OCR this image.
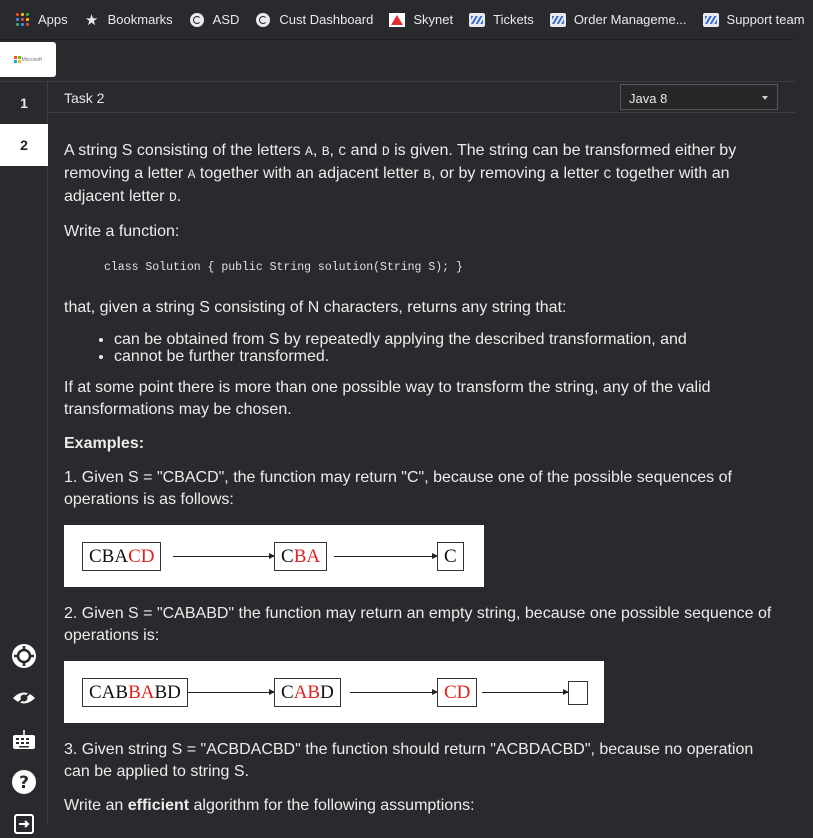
Apps ★ Bookmarks	ASD	Cust Dashboard	Skynet	Tickets	Order Manageme...	Support team
Microsoft
1
2
?
Task 2	Java 8

A string S consisting of the letters A, B, C and D is given. The string can be transformed either by removing a letter A together with an adjacent letter B, or by removing a letter C together with an adjacent letter D.

Write a function:

class Solution { public String solution(String S); }

that, given a string S consisting of N characters, returns any string that:

• can be obtained from S by repeatedly applying the described transformation, and
• cannot be further transformed.

If at some point there is more than one possible way to transform the string, any of the valid transformations may be chosen.

Examples:

1. Given S = "CBACD", the function may return "C", because one of the possible sequences of operations is as follows:

CBA CD	C BA	C

2. Given S = "CABABD" the function may return an empty string, because one possible sequence of operations is:

CAB BA BD	C AB D	CD

3. Given string S = "ACBDACBD" the function should return "ACBDACBD", because no operation can be applied to string S.

Write an efficient algorithm for the following assumptions:
